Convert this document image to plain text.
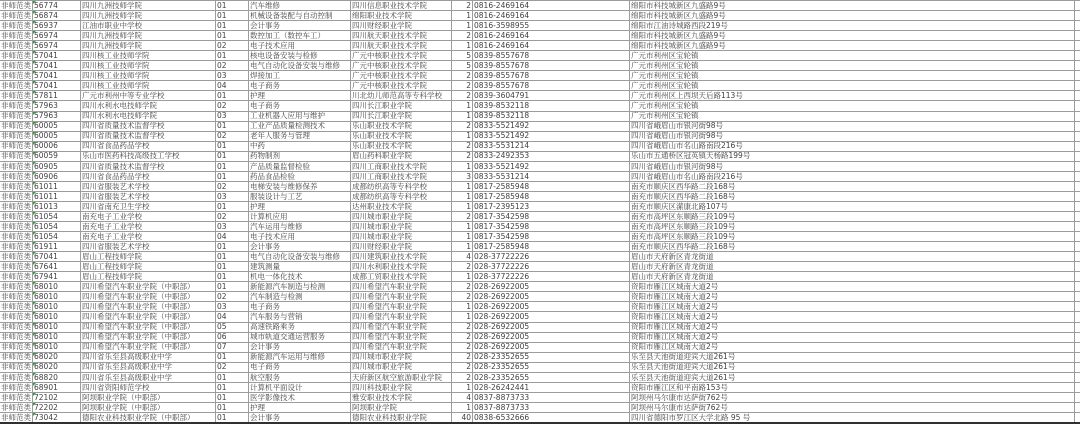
非师范类 56774	四川九洲技师学院	01	汽车维修	四川信息职业技术学院	2 0816-2469164	绵阳市科技城新区九盛路9号
非师范类 56874	四川九洲技师学院	01	机械设备装配与自动控制	绵阳职业技术学院	1 0816-2469164	绵阳市科技城新区九盛路9号
非师范类 56937	江油市职业中学校	01	会计事务	四川财经职业学院	1 0816-3598955	绵阳市江油诗城路西段219号
非师范类 56974	四川九洲技师学院	01	数控加工（数控车工）	四川航天职业技术学院	2 0816-2469164	绵阳市科技城新区九盛路9号
非师范类 56974	四川九洲技师学院	02	电子技术应用	四川航天职业技术学院	1 0816-2469164	绵阳市科技城新区九盛路9号
非师范类 57041	四川核工业技师学院	01	核电设备安装与检修	广元中核职业技术学院	5 0839-8557678	广元市利州区宝轮镇
非师范类 57041	四川核工业技师学院	02	电气自动化设备安装与维修	广元中核职业技术学院	5 0839-8557678	广元市利州区宝轮镇
非师范类 57041	四川核工业技师学院	03	焊接加工	广元中核职业技术学院	2 0839-8557678	广元市利州区宝轮镇
非师范类 57041	四川核工业技师学院	04	电子商务	广元中核职业技术学院	2 0839-8557678	广元市利州区宝轮镇
非师范类 57811	广元市利州中等专业学校	01	护理	川北幼儿师范高等专科学校	2 0839-3604791	广元市利州区上西坝天后路113号
非师范类 57963	四川水利水电技师学院	02	电子商务	四川长江职业学院	1 0839-8532118	广元市利州区宝轮镇
非师范类 57963	四川水利水电技师学院	03	工业机器人应用与维护	四川长江职业学院	1 0839-8532118	广元市利州区宝轮镇
非师范类 60005	四川省质量技术监督学校	01	工业产品质量检测技术	乐山职业技术学院	2 0833-5521492	四川省峨眉山市银河街98号
非师范类 60005	四川省质量技术监督学校	02	老年人服务与管理	乐山职业技术学院	1 0833-5521492	四川省峨眉山市银河街98号
非师范类 60006	四川省食品药品学校	01	中药	乐山职业技术学院	2 0833-5531214	四川省峨眉山市名山路南段216号
非师范类 60059	乐山市医药科技高级技工学校	01	药物制剂	眉山药科职业学院	2 0833-2492353	乐山市五通桥区冠英镇天杨路199号
非师范类 60905	四川省质量技术监督学校	01	产品质量监督检验	四川工商职业技术学院	1 0833-5521492	四川省峨眉山市银河街98号
非师范类 60906	四川省食品药品学校	01	药品食品检验	四川工商职业技术学院	3 0833-5531214	四川省峨眉山市名山路南段216号
非师范类 61011	四川省服装艺术学校	02	电梯安装与维修保养	成都纺织高等专科学校	1 0817-2585948	南充市顺庆区西华路二段168号
非师范类 61011	四川省服装艺术学校	03	服装设计与工艺	成都纺织高等专科学校	1 0817-2585948	南充市顺庆区西华路二段168号
非师范类 61013	四川省南充卫生学校	01	护理	达州职业技术学院	1 0817-2395123	南充市顺庆区潆康北路107号
非师范类 61054	南充电子工业学校	02	计算机应用	四川城市职业学院	2 0817-3542598	南充市高坪区东顺路三段109号
非师范类 61054	南充电子工业学校	03	汽车运用与维修	四川城市职业学院	1 0817-3542598	南充市高坪区东顺路三段109号
非师范类 61054	南充电子工业学校	04	电子技术应用	四川城市职业学院	1 0817-3542598	南充市高坪区东顺路三段109号
非师范类 61911	四川省服装艺术学校	01	会计事务	四川财经职业学院	1 0817-2585948	南充市顺庆区西华路二段168号
非师范类 67041	眉山工程技师学院	01	电气自动化设备安装与维修	四川建筑职业技术学院	4 028-37722226	眉山市天府新区青龙街道
非师范类 67641	眉山工程技师学院	01	建筑测量	四川水利职业技术学院	2 028-37722226	眉山市天府新区青龙街道
非师范类 67941	眉山工程技师学院	01	机电一体化技术	成都工贸职业技术学院	1 028-37722226	眉山市天府新区青龙街道
非师范类 68010	四川希望汽车职业学院（中职部）	01	新能源汽车制造与检测	四川希望汽车职业学院	2 028-26922005	资阳市雁江区城南大道2号
非师范类 68010	四川希望汽车职业学院（中职部）	02	汽车制造与检测	四川希望汽车职业学院	2 028-26922005	资阳市雁江区城南大道2号
非师范类 68010	四川希望汽车职业学院（中职部）	03	电子商务	四川希望汽车职业学院	1 028-26922005	资阳市雁江区城南大道2号
非师范类 68010	四川希望汽车职业学院（中职部）	04	汽车服务与营销	四川希望汽车职业学院	1 028-26922005	资阳市雁江区城南大道2号
非师范类 68010	四川希望汽车职业学院（中职部）	05	高速铁路乘务	四川希望汽车职业学院	2 028-26922005	资阳市雁江区城南大道2号
非师范类 68010	四川希望汽车职业学院（中职部）	06	城市轨道交通运营服务	四川希望汽车职业学院	2 028-26922005	资阳市雁江区城南大道2号
非师范类 68010	四川希望汽车职业学院（中职部）	07	会计事务	四川希望汽车职业学院	2 028-26922005	资阳市雁江区城南大道2号
非师范类 68020	四川省乐至县高级职业中学	01	新能源汽车运用与维修	四川城市职业学院	2 028-23352655	乐至县天池街道迎宾大道261号
非师范类 68020	四川省乐至县高级职业中学	02	电子商务	四川城市职业学院	2 028-23352655	乐至县天池街道迎宾大道261号
非师范类 68820	四川省乐至县高级职业中学	01	航空服务	天府新区航空旅游职业学院	2 028-23352655	乐至县天池街道迎宾大道261号
非师范类 68901	四川省资阳师范学校	01	计算机平面设计	四川科技职业学院	1 028-26242441	资阳市雁江区和平南路153号
非师范类 72102	阿坝职业学院（中职部）	01	医学影像技术	雅安职业技术学院	4 0837-8873733	阿坝州马尔康市达萨街762号
非师范类 72202	阿坝职业学院（中职部）	01	护理	阿坝职业学院	1 0837-8873733	阿坝州马尔康市达萨街762号
非师范类 73042	德阳农业科技职业学院（中职部）	01	会计事务	德阳农业科技职业学院	40 0838-6532666	四川省德阳市罗江区大学北路 95 号
